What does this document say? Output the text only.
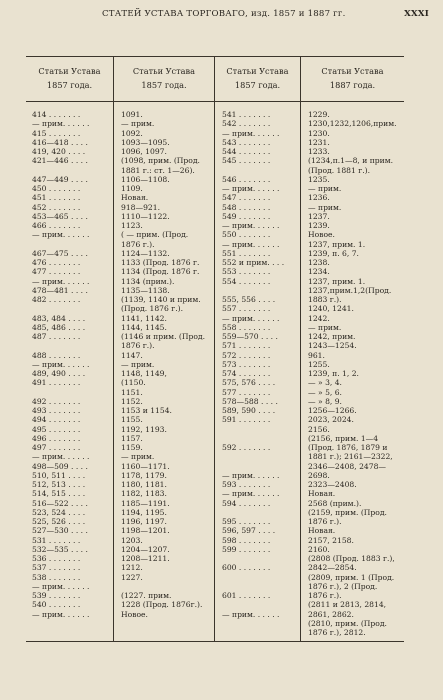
СТАТЕЙ УСТАВА ТОРГОВАГО, изд. 1857 и 1887 гг.	XXXI
Статьи Устава
1857 года.
Статьи Устава
1857 года.
Статьи Устава
1857 года.
Статьи Устава
1887 года.
414 . . . . . . .
— прим. . . . . .
415 . . . . . . .
416—418 . . . .
419, 420 . . . .
421—446 . . . .
447—449 . . . .
450 . . . . . . .
451 . . . . . . .
452 . . . . . . .
453—465 . . . .
466 . . . . . . .
— прим. . . . . .
467—475 . . . .
476 . . . . . . .
477 . . . . . . .
— прим. . . . . .
478—481 . . . .
482 . . . . . . .
483, 484 . . . .
485, 486 . . . .
487 . . . . . . .
488 . . . . . . .
— прим. . . . . .
489, 490 . . . .
491 . . . . . . .
492 . . . . . . .
493 . . . . . . .
494 . . . . . . .
495 . . . . . . .
496 . . . . . . .
497 . . . . . . .
— прим. . . . . .
498—509 . . . .
510, 511 . . . .
512, 513 . . . .
514, 515 . . . .
516—522 . . . .
523, 524 . . . .
525, 526 . . . .
527—530 . . . .
531 . . . . . . .
532—535 . . . .
536 . . . . . . .
537 . . . . . . .
538 . . . . . . .
— прим. . . . . .
539 . . . . . . .
540 . . . . . . .
— прим. . . . . .
1091.
— прим.
1092.
1093—1095.
1096, 1097.
(1098, прим. (Прод.
1881 г.: ст. 1—26).
1106—1108.
1109.
Новая.
918—921.
1110—1122.
1123.
( — прим. (Прод.
1876 г.).
1124—1132.
1133 (Прод. 1876 г.
1134 (Прод. 1876 г.
1134 (прим.).
1135—1138.
(1139, 1140 и прим.
(Прод. 1876 г.).
1141, 1142.
1144, 1145.
(1146 и прим. (Прод.
1876 г.).
1147.
— прим.
1148, 1149,
(1150.
1151.
1152.
1153 и 1154.
1155.
1192, 1193.
1157.
1159.
— прим.
1160—1171.
1178, 1179.
1180, 1181.
1182, 1183.
1185—1191.
1194, 1195.
1196, 1197.
1198—1201.
1203.
1204—1207.
1208—1211.
1212.
1227.
(1227. прим.
1228 (Прод. 1876г.).
Новое.
541 . . . . . . .
542 . . . . . . .
— прим. . . . . .
543 . . . . . . .
544 . . . . . . .
545 . . . . . . .
546 . . . . . . .
— прим. . . . . .
547 . . . . . . .
548 . . . . . . .
549 . . . . . . .
— прим. . . . . .
550 . . . . . . .
— прим. . . . . .
551 . . . . . . .
552 и прим. . . .
553 . . . . . . .
554 . . . . . . .
555, 556 . . . .
557 . . . . . . .
— прим. . . . . .
558 . . . . . . .
559—570 . . . .
571 . . . . . . .
572 . . . . . . .
573 . . . . . . .
574 . . . . . . .
575, 576 . . . .
577 . . . . . . .
578—588 . . . .
589, 590 . . . .
591 . . . . . . .
592 . . . . . . .
— прим. . . . . .
593 . . . . . . .
— прим. . . . . .
594 . . . . . . .
595 . . . . . . .
596, 597 . . . .
598 . . . . . . .
599 . . . . . . .
600 . . . . . . .
601 . . . . . . .
— прим. . . . . .
1229.
1230,1232,1206,прим.
1230.
1231.
1233.
(1234,п.1—8, и прим.
(Прод. 1881 г.).
1235.
— прим.
1236.
— прим.
1237.
1239.
Новое.
1237, прим. 1.
1239, п. 6, 7.
1238.
1234.
1237, прим. 1.
1237,прим.1,2(Прод.
1883 г.).
1240, 1241.
1242.
— прим.
1242, прим.
1243—1254.
961.
1255.
1239, п. 1, 2.
— » 3, 4.
— » 5, 6.
— » 8, 9.
1256—1266.
2023, 2024.
2156.
(2156, прим. 1—4
(Прод. 1876, 1879 и
1881 г.); 2161—2322,
2346—2408, 2478—
2698.
2323—2408.
Новая.
2568 (прим.).
(2159, прим. (Прод.
1876 г.).
Новая.
2157, 2158.
2160.
(2808 (Прод. 1883 г.),
2842—2854.
(2809, прим. 1 (Прод.
1876 г.), 2 (Прод.
1876 г.).
(2811 и 2813, 2814,
2861, 2862.
(2810, прим. (Прод.
1876 г.), 2812.
